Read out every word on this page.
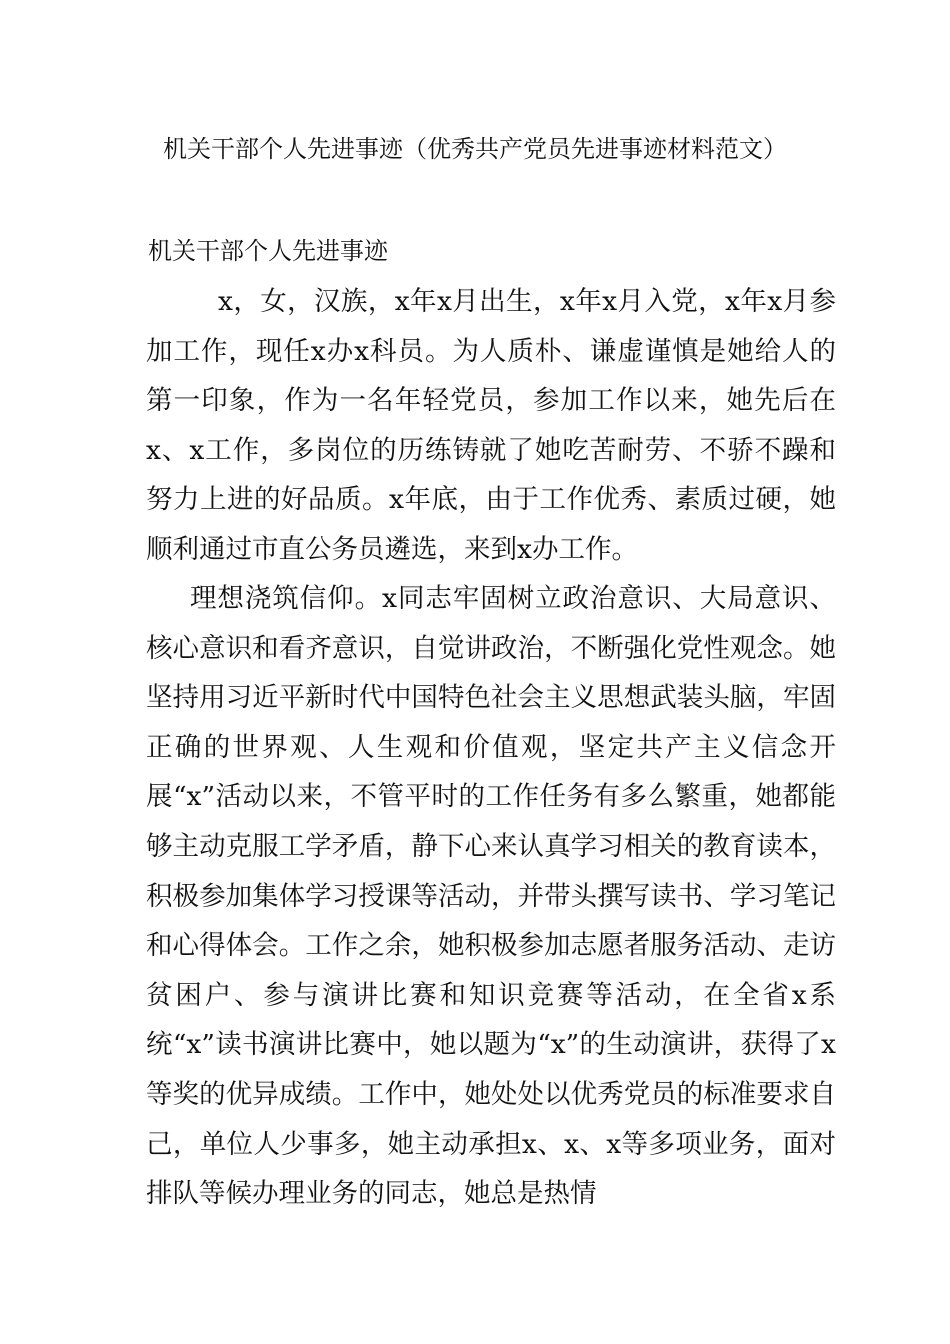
机关干部个人先进事迹（优秀共产党员先进事迹材料范文）
机关干部个人先进事迹

x，女，汉族，x年x月出生，x年x月入党，x年x月参加工作，现任x办x科员。为人质朴、谦虚谨慎是她给人的第一印象，作为一名年轻党员，参加工作以来，她先后在x、x工作，多岗位的历练铸就了她吃苦耐劳、不骄不躁和努力上进的好品质。x年底，由于工作优秀、素质过硬，她顺利通过市直公务员遴选，来到x办工作。

理想浇筑信仰。x同志牢固树立政治意识、大局意识、核心意识和看齐意识，自觉讲政治，不断强化党性观念。她坚持用习近平新时代中国特色社会主义思想武装头脑，牢固正确的世界观、人生观和价值观，坚定共产主义信念开展“x”活动以来，不管平时的工作任务有多么繁重，她都能够主动克服工学矛盾，静下心来认真学习相关的教育读本，积极参加集体学习授课等活动，并带头撰写读书、学习笔记和心得体会。工作之余，她积极参加志愿者服务活动、走访贫困户、参与演讲比赛和知识竞赛等活动，在全省x系统“x”读书演讲比赛中，她以题为“x”的生动演讲，获得了x等奖的优异成绩。工作中，她处处以优秀党员的标准要求自己，单位人少事多，她主动承担x、x、x等多项业务，面对排队等候办理业务的同志，她总是热情
